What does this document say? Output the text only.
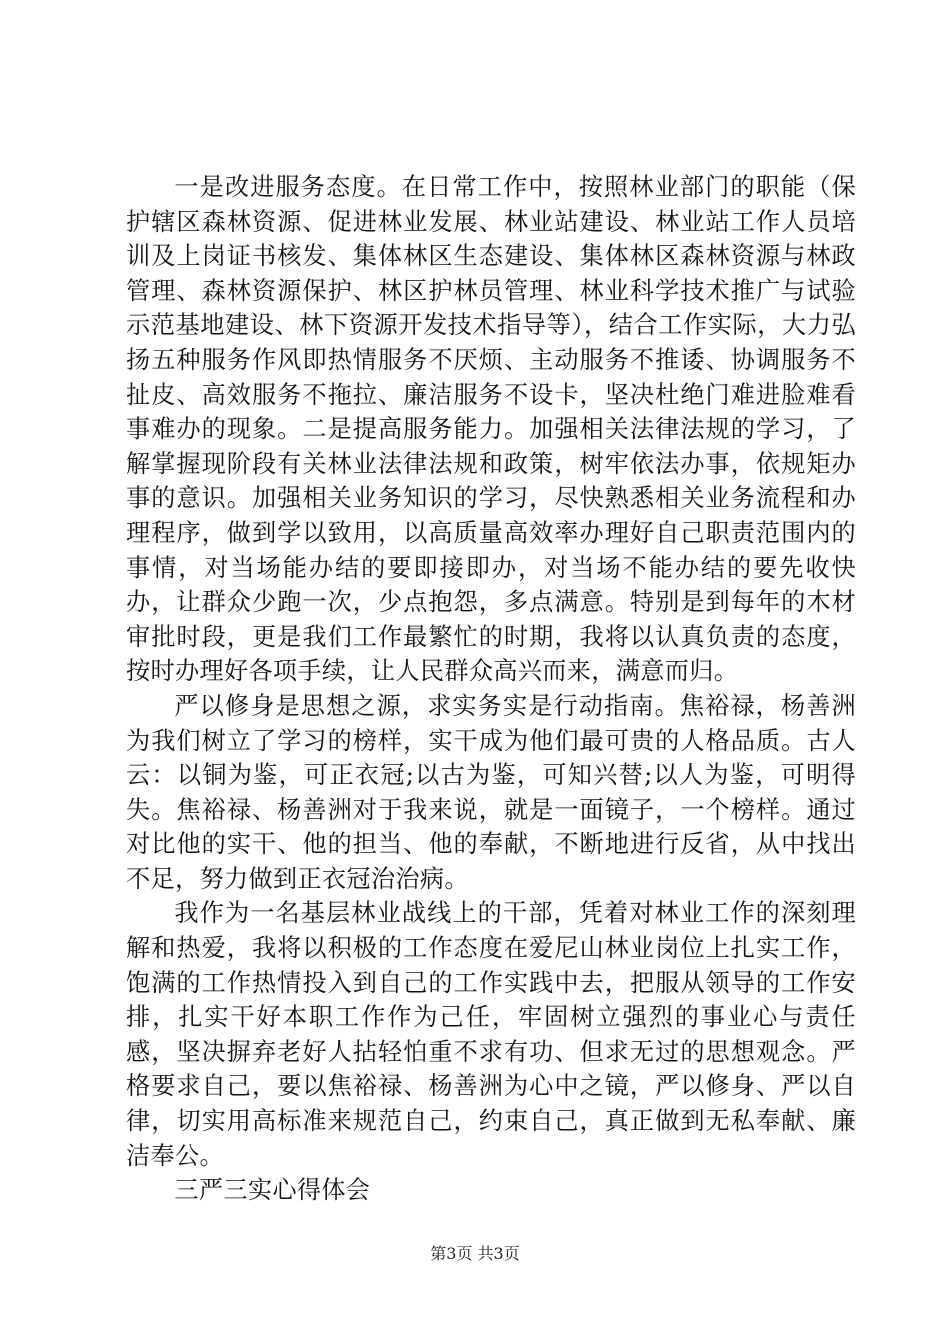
一是改进服务态度。在日常工作中，按照林业部门的职能（保护辖区森林资源、促进林业发展、林业站建设、林业站工作人员培训及上岗证书核发、集体林区生态建设、集体林区森林资源与林政管理、森林资源保护、林区护林员管理、林业科学技术推广与试验示范基地建设、林下资源开发技术指导等），结合工作实际，大力弘扬五种服务作风即热情服务不厌烦、主动服务不推诿、协调服务不扯皮、高效服务不拖拉、廉洁服务不设卡，坚决杜绝门难进脸难看事难办的现象。二是提高服务能力。加强相关法律法规的学习，了解掌握现阶段有关林业法律法规和政策，树牢依法办事，依规矩办事的意识。加强相关业务知识的学习，尽快熟悉相关业务流程和办理程序，做到学以致用，以高质量高效率办理好自己职责范围内的事情，对当场能办结的要即接即办，对当场不能办结的要先收快办，让群众少跑一次，少点抱怨，多点满意。特别是到每年的木材审批时段，更是我们工作最繁忙的时期，我将以认真负责的态度，按时办理好各项手续，让人民群众高兴而来，满意而归。

严以修身是思想之源，求实务实是行动指南。焦裕禄，杨善洲为我们树立了学习的榜样，实干成为他们最可贵的人格品质。古人云：以铜为鉴，可正衣冠;以古为鉴，可知兴替;以人为鉴，可明得失。焦裕禄、杨善洲对于我来说，就是一面镜子，一个榜样。通过对比他的实干、他的担当、他的奉献，不断地进行反省，从中找出不足，努力做到正衣冠治治病。

我作为一名基层林业战线上的干部，凭着对林业工作的深刻理解和热爱，我将以积极的工作态度在爱尼山林业岗位上扎实工作，饱满的工作热情投入到自己的工作实践中去，把服从领导的工作安排，扎实干好本职工作作为己任，牢固树立强烈的事业心与责任感，坚决摒弃老好人拈轻怕重不求有功、但求无过的思想观念。严格要求自己，要以焦裕禄、杨善洲为心中之镜，严以修身、严以自律，切实用高标准来规范自己，约束自己，真正做到无私奉献、廉洁奉公。

三严三实心得体会

第3页 共3页
